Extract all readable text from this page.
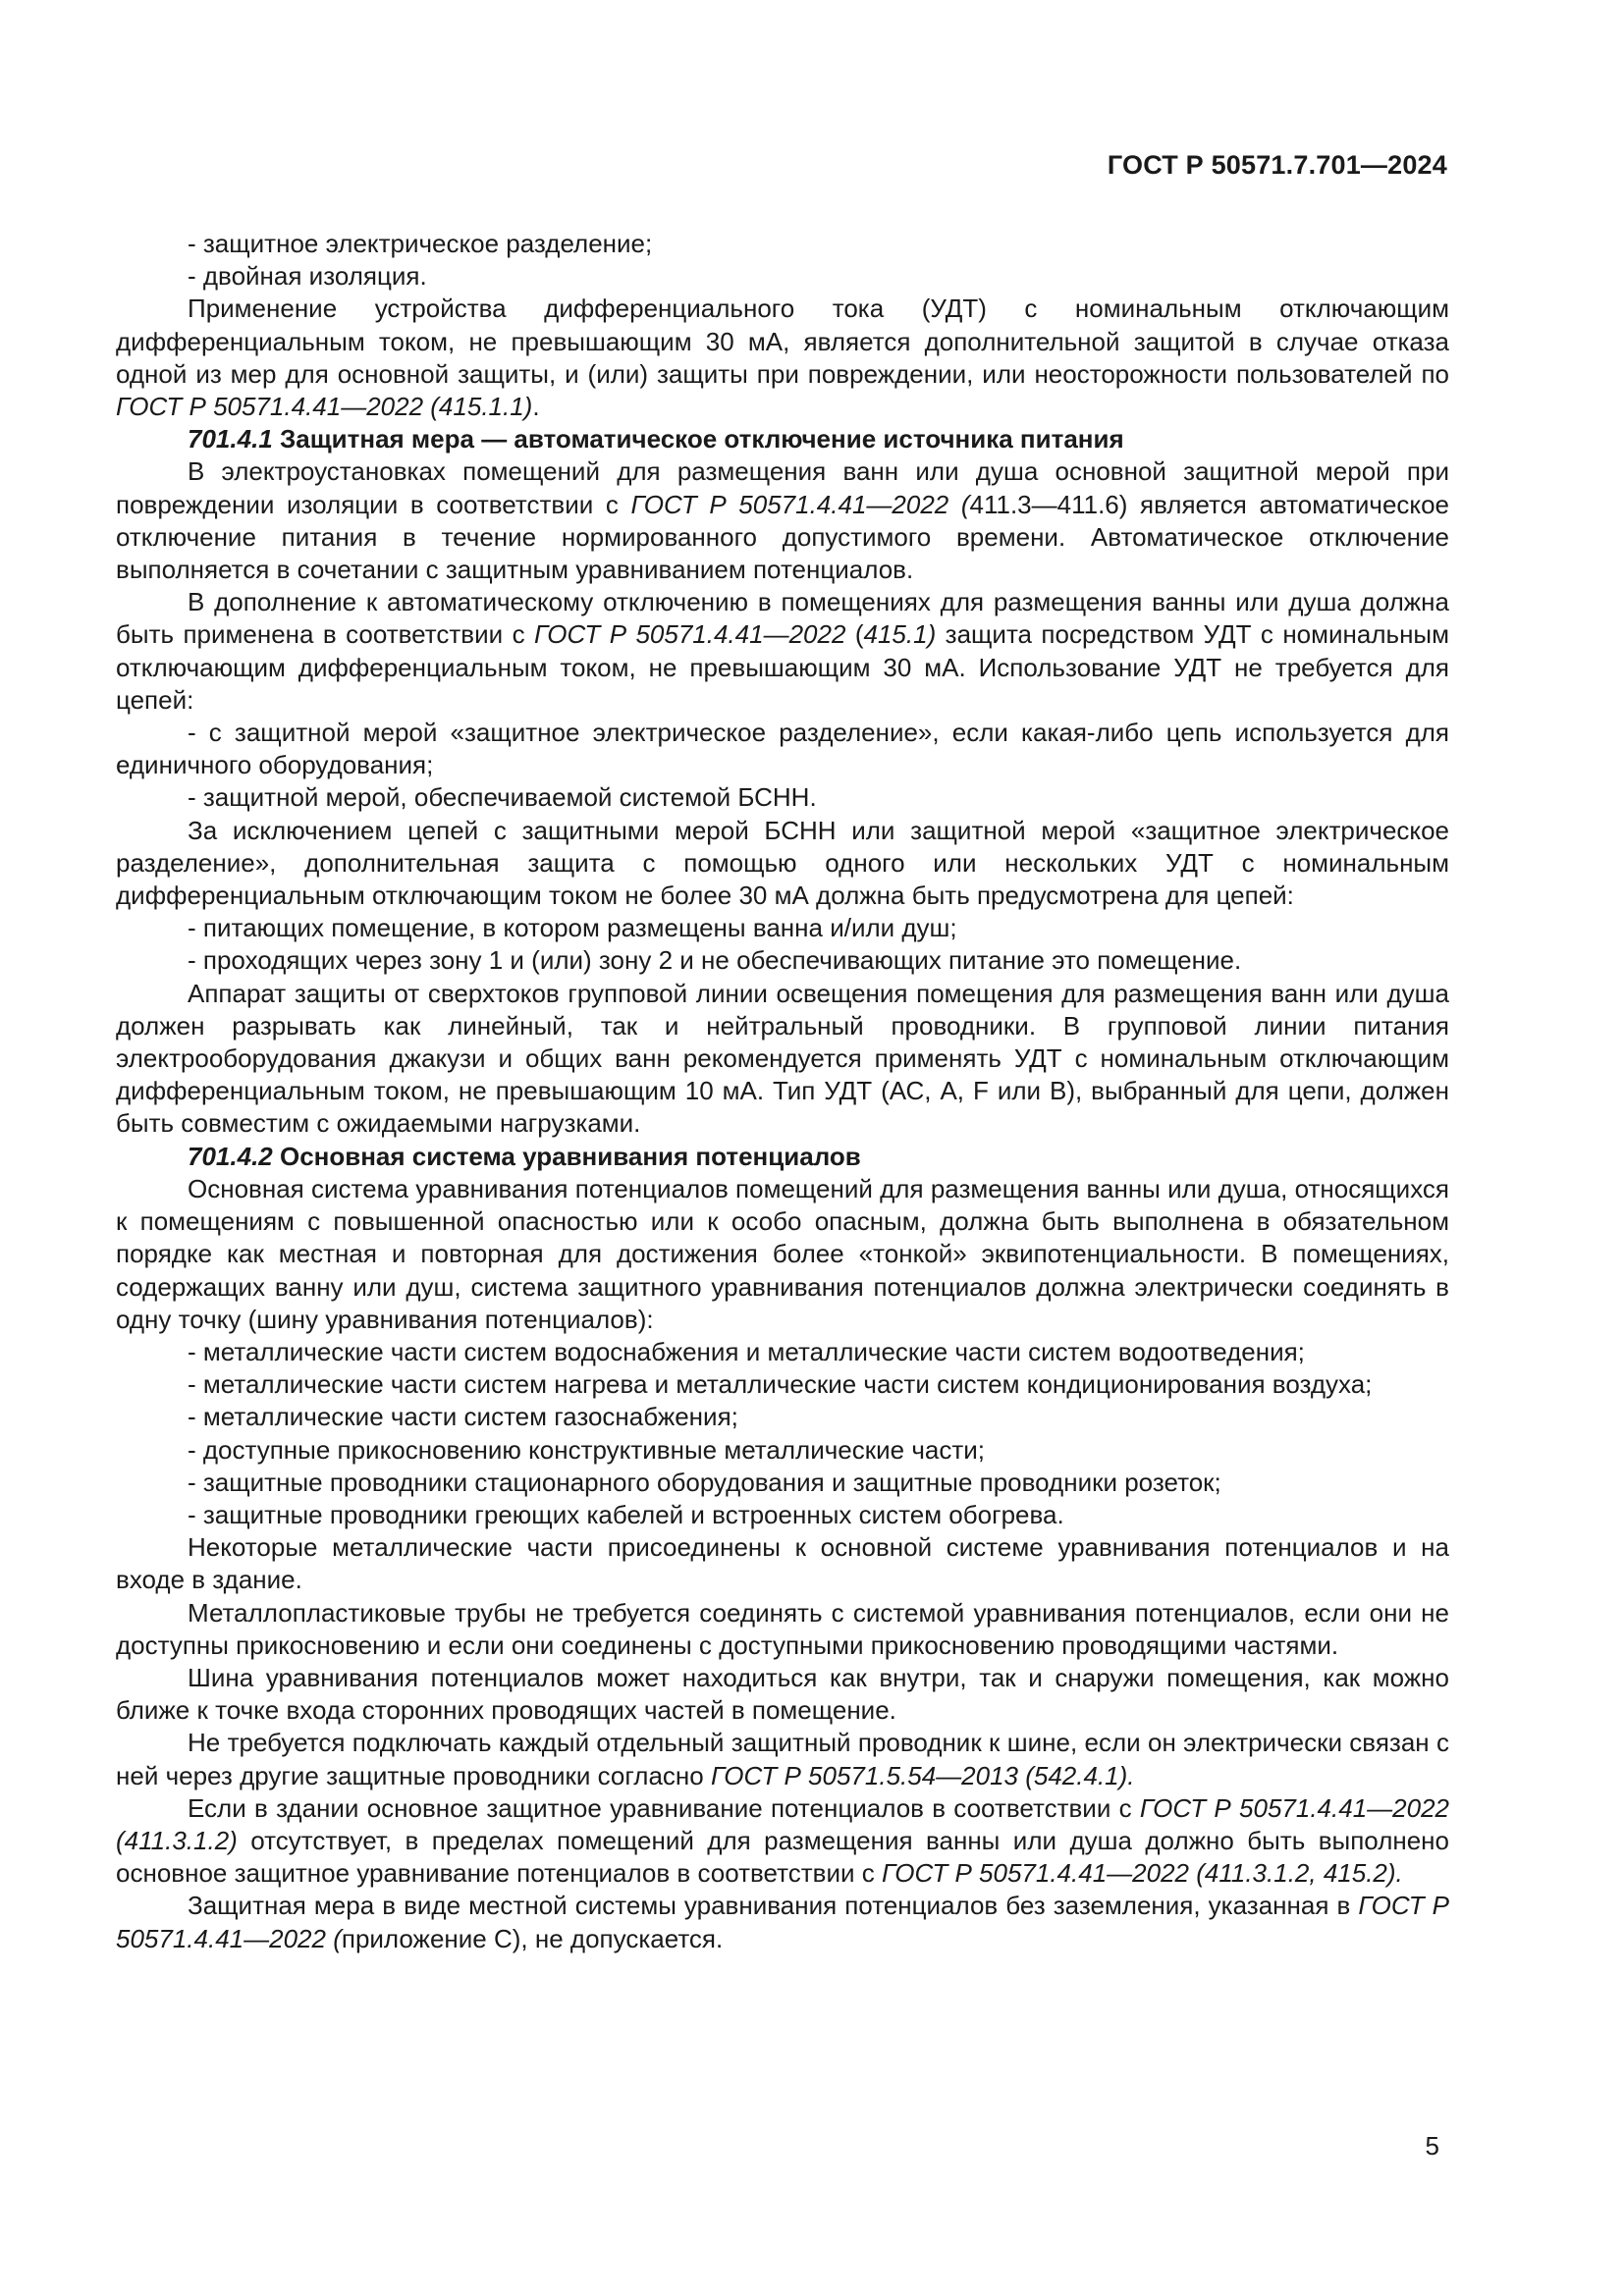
ГОСТ Р 50571.7.701—2024

- защитное электрическое разделение;

- двойная изоляция.

Применение устройства дифференциального тока (УДТ) с номинальным отключающим дифференциальным током, не превышающим 30 мА, является дополнительной защитой в случае отказа одной из мер для основной защиты, и (или) защиты при повреждении, или неосторожности пользователей по ГОСТ Р 50571.4.41—2022 (415.1.1).

701.4.1 Защитная мера — автоматическое отключение источника питания

В электроустановках помещений для размещения ванн или душа основной защитной мерой при повреждении изоляции в соответствии с ГОСТ Р 50571.4.41—2022 (411.3—411.6) является автоматическое отключение питания в течение нормированного допустимого времени. Автоматическое отключение выполняется в сочетании с защитным уравниванием потенциалов.

В дополнение к автоматическому отключению в помещениях для размещения ванны или душа должна быть применена в соответствии с ГОСТ Р 50571.4.41—2022 (415.1) защита посредством УДТ с номинальным отключающим дифференциальным током, не превышающим 30 мА. Использование УДТ не требуется для цепей:

- с защитной мерой «защитное электрическое разделение», если какая-либо цепь используется для единичного оборудования;

- защитной мерой, обеспечиваемой системой БСНН.

За исключением цепей с защитными мерой БСНН или защитной мерой «защитное электрическое разделение», дополнительная защита с помощью одного или нескольких УДТ с номинальным дифференциальным отключающим током не более 30 мА должна быть предусмотрена для цепей:

- питающих помещение, в котором размещены ванна и/или душ;

- проходящих через зону 1 и (или) зону 2 и не обеспечивающих питание это помещение.

Аппарат защиты от сверхтоков групповой линии освещения помещения для размещения ванн или душа должен разрывать как линейный, так и нейтральный проводники. В групповой линии питания электрооборудования джакузи и общих ванн рекомендуется применять УДТ с номинальным отключающим дифференциальным током, не превышающим 10 мА. Тип УДТ (АС, А, F или В), выбранный для цепи, должен быть совместим с ожидаемыми нагрузками.

701.4.2 Основная система уравнивания потенциалов

Основная система уравнивания потенциалов помещений для размещения ванны или душа, относящихся к помещениям с повышенной опасностью или к особо опасным, должна быть выполнена в обязательном порядке как местная и повторная для достижения более «тонкой» эквипотенциальности. В помещениях, содержащих ванну или душ, система защитного уравнивания потенциалов должна электрически соединять в одну точку (шину уравнивания потенциалов):

- металлические части систем водоснабжения и металлические части систем водоотведения;

- металлические части систем нагрева и металлические части систем кондиционирования воздуха;

- металлические части систем газоснабжения;

- доступные прикосновению конструктивные металлические части;

- защитные проводники стационарного оборудования и защитные проводники розеток;

- защитные проводники греющих кабелей и встроенных систем обогрева.

Некоторые металлические части присоединены к основной системе уравнивания потенциалов и на входе в здание.

Металлопластиковые трубы не требуется соединять с системой уравнивания потенциалов, если они не доступны прикосновению и если они соединены с доступными прикосновению проводящими частями.

Шина уравнивания потенциалов может находиться как внутри, так и снаружи помещения, как можно ближе к точке входа сторонних проводящих частей в помещение.

Не требуется подключать каждый отдельный защитный проводник к шине, если он электрически связан с ней через другие защитные проводники согласно ГОСТ Р 50571.5.54—2013 (542.4.1).

Если в здании основное защитное уравнивание потенциалов в соответствии с ГОСТ Р 50571.4.41—2022 (411.3.1.2) отсутствует, в пределах помещений для размещения ванны или душа должно быть выполнено основное защитное уравнивание потенциалов в соответствии с ГОСТ Р 50571.4.41—2022 (411.3.1.2, 415.2).

Защитная мера в виде местной системы уравнивания потенциалов без заземления, указанная в ГОСТ Р 50571.4.41—2022 (приложение С), не допускается.

5
